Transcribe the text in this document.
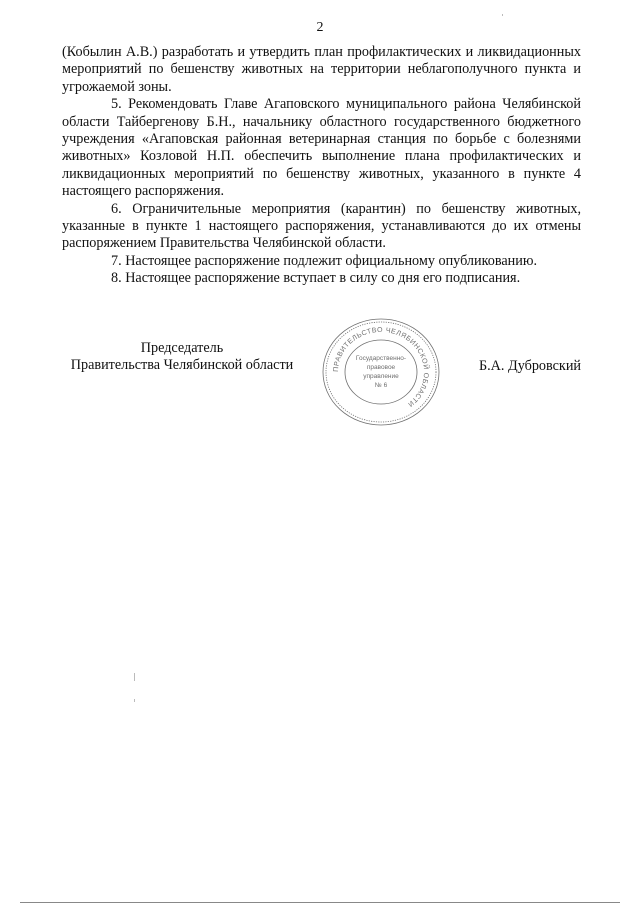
2

(Кобылин А.В.) разработать и утвердить план профилактических и ликвидационных мероприятий по бешенству животных на территории неблагополучного пункта и угрожаемой зоны.

5. Рекомендовать Главе Агаповского муниципального района Челябинской области Тайбергенову Б.Н., начальнику областного государственного бюджетного учреждения «Агаповская районная ветеринарная станция по борьбе с болезнями животных» Козловой Н.П. обеспечить выполнение плана профилактических и ликвидационных мероприятий по бешенству животных, указанного в пункте 4 настоящего распоряжения.

6. Ограничительные мероприятия (карантин) по бешенству животных, указанные в пункте 1 настоящего распоряжения, устанавливаются до их отмены распоряжением Правительства Челябинской области.

7. Настоящее распоряжение подлежит официальному опубликованию.

8. Настоящее распоряжение вступает в силу со дня его подписания.

Председатель
Правительства Челябинской области	Б.А. Дубровский
ПРАВИТЕЛЬСТВО ЧЕЛЯБИНСКОЙ ОБЛАСТИ
Государственно-
правовое
управление
№ 6
